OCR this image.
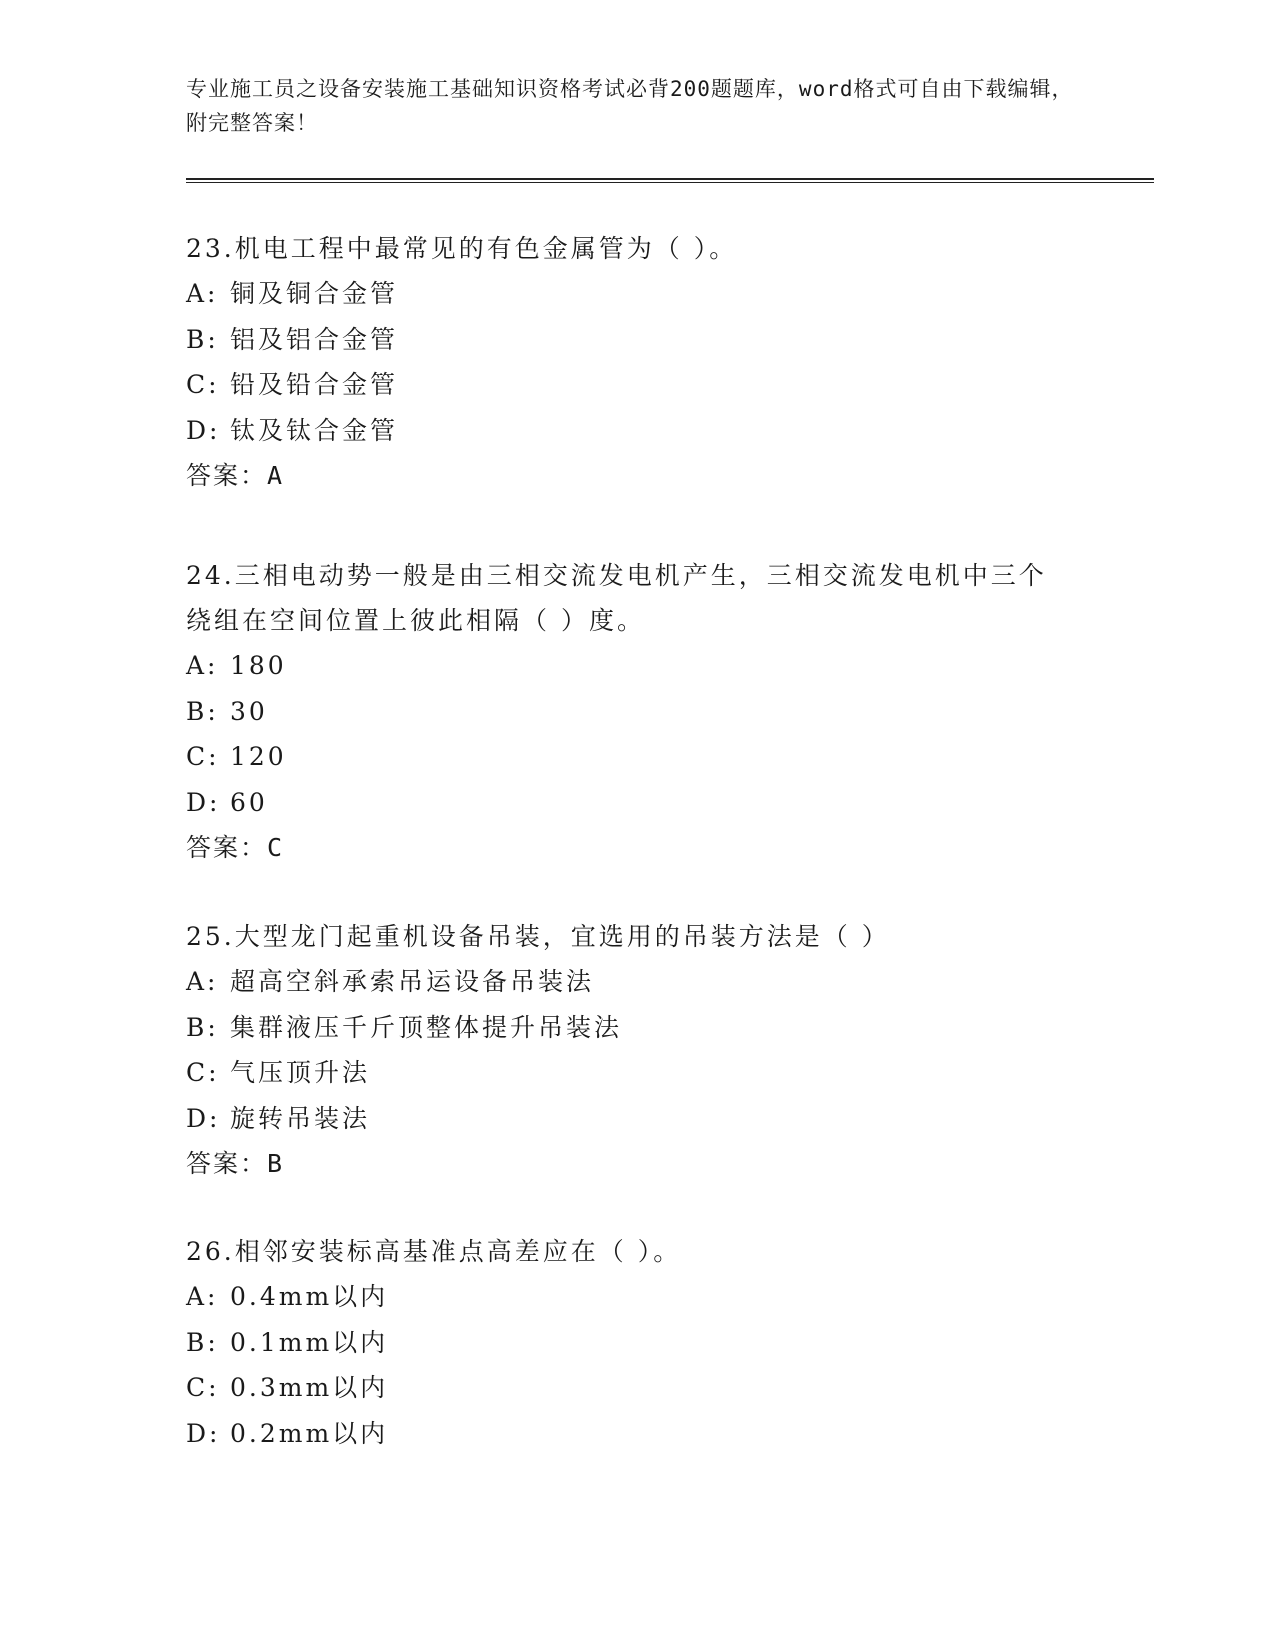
专业施工员之设备安装施工基础知识资格考试必背200题题库，word格式可自由下载编辑，附完整答案！

23.机电工程中最常见的有色金属管为（ ）。

A: 铜及铜合金管

B: 铝及铝合金管

C: 铅及铅合金管

D: 钛及钛合金管

答案：A

24.三相电动势一般是由三相交流发电机产生，三相交流发电机中三个绕组在空间位置上彼此相隔（ ）度。

A: 180

B: 30

C: 120

D: 60

答案：C

25.大型龙门起重机设备吊装，宜选用的吊装方法是（ ）

A: 超高空斜承索吊运设备吊装法

B: 集群液压千斤顶整体提升吊装法

C: 气压顶升法

D: 旋转吊装法

答案：B

26.相邻安装标高基准点高差应在（ ）。

A: 0.4mm以内

B: 0.1mm以内

C: 0.3mm以内

D: 0.2mm以内
